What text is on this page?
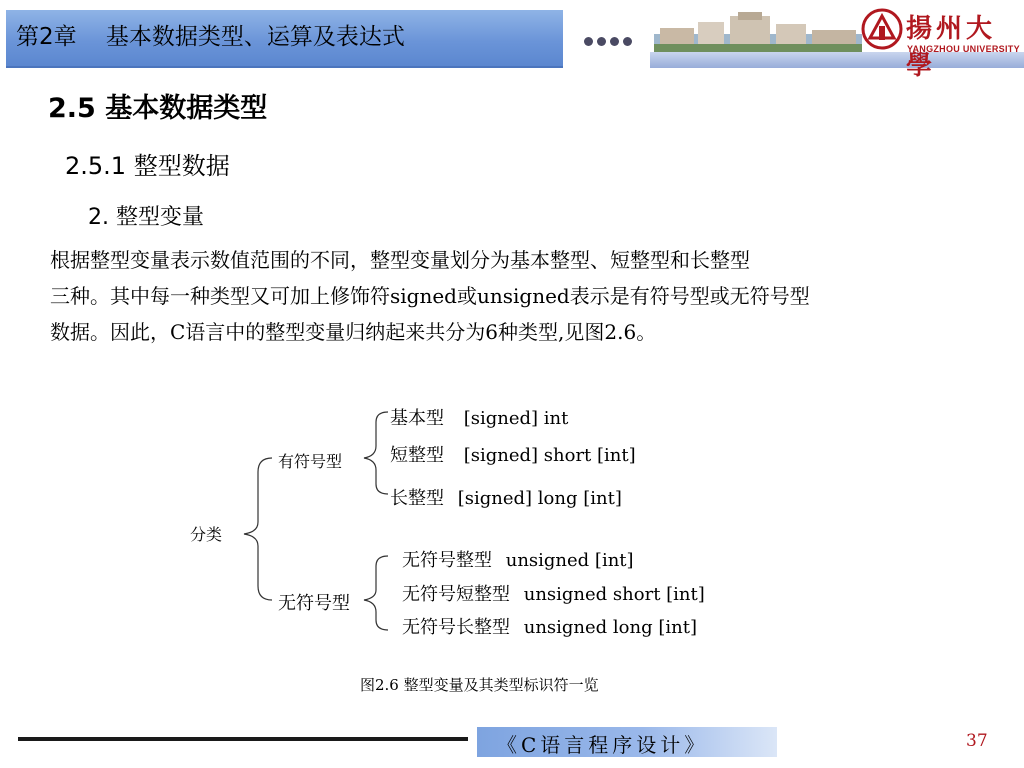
第2章    基本数据类型、运算及表达式	揚州大學
YANGZHOU UNIVERSITY
2.5 基本数据类型
2.5.1 整型数据
2. 整型变量
根据整型变量表示数值范围的不同，整型变量划分为基本整型、短整型和长整型
三种。其中每一种类型又可加上修饰符signed或unsigned表示是有符号型或无符号型
数据。因此，C语言中的整型变量归纳起来共分为6种类型,见图2.6。
分类
有符号型
无符号型
基本型 [signed] int
短整型 [signed] short [int]
长整型 [signed] long [int]
无符号整型 unsigned [int]
无符号短整型 unsigned short [int]
无符号长整型 unsigned long [int]
图2.6 整型变量及其类型标识符一览
《C语言程序设计》	37
